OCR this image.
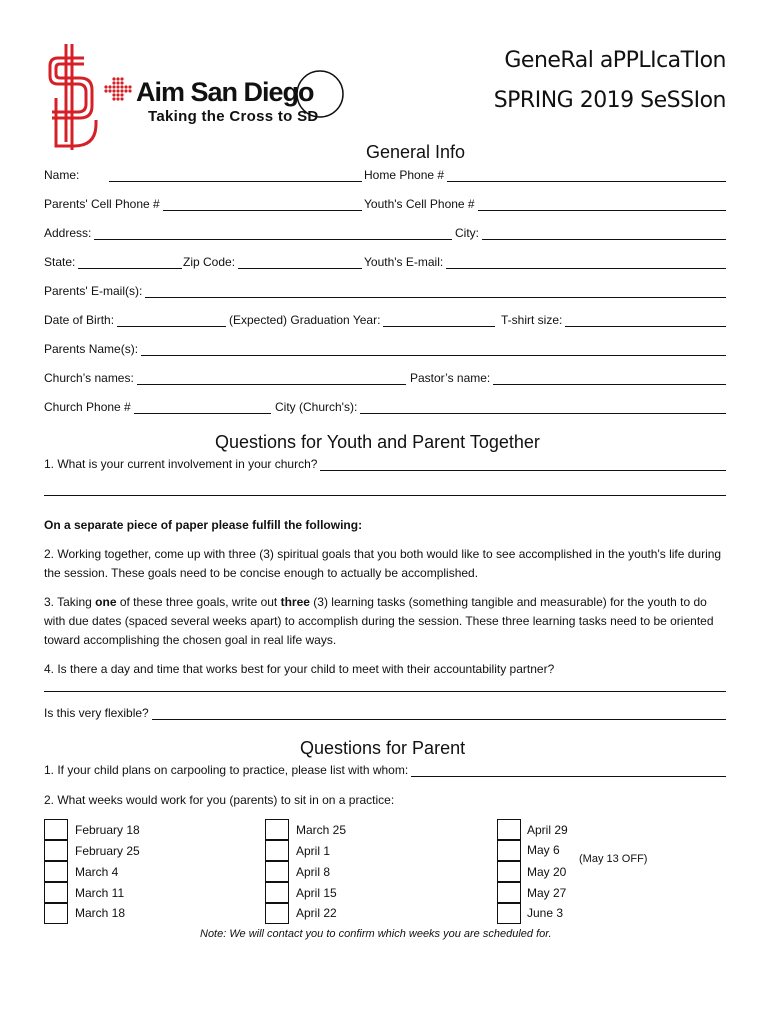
Aim San Diego
Taking the Cross to SD
GeneRal aPPLIcaTIon
SPRING 2019 SeSSIon
General Info
Name:	Home Phone #
Parents' Cell Phone #	Youth's Cell Phone #
Address:	City:
State:	Zip Code:	Youth's E-mail:
Parents' E-mail(s):
Date of Birth:	(Expected) Graduation Year:	T-shirt size:
Parents Name(s):
Church’s names:	Pastor’s name:
Church Phone #	City (Church's):
Questions for Youth and Parent Together
1. What is your current involvement in your church?
On a separate piece of paper please fulfill the following:
2. Working together, come up with three (3) spiritual goals that you both would like to see accomplished in the youth's life during the session. These goals need to be concise enough to actually be accomplished.
3. Taking one of these three goals, write out three (3) learning tasks (something tangible and measurable) for the youth to do with due dates (spaced several weeks apart) to accomplish during the session. These three learning tasks need to be oriented toward accomplishing the chosen goal in real life ways.
4. Is there a day and time that works best for your child to meet with their accountability partner?
Is this very flexible?
Questions for Parent
1. If your child plans on carpooling to practice, please list with whom:
2. What weeks would work for you (parents) to sit in on a practice:
February 18
February 25
March 4
March 11
March 18
March 25
April 1
April 8
April 15
April 22
April 29
May 6
May 20
May 27
June 3
(May 13 OFF)
Note: We will contact you to confirm which weeks you are scheduled for.
